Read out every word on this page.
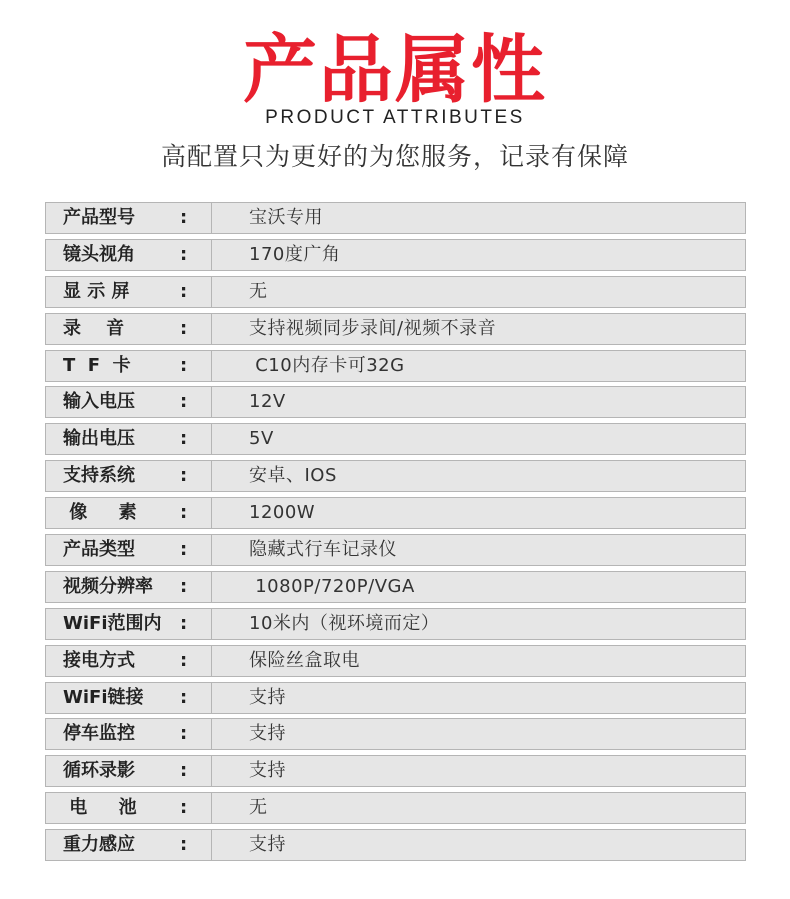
产品属性
PRODUCT ATTRIBUTES
高配置只为更好的为您服务，记录有保障
产品型号	:	宝沃专用
镜头视角	:	170度广角
显 示 屏	:	无
录    音	:	支持视频同步录间/视频不录音
T  F  卡	:	C10内存卡可32G
输入电压	:	12V
输出电压	:	5V
支持系统	:	安卓、IOS
像     素	:	1200W
产品类型	:	隐藏式行车记录仪
视频分辨率	:	1080P/720P/VGA
WiFi范围内	:	10米内（视环境而定）
接电方式	:	保险丝盒取电
WiFi链接	:	支持
停车监控	:	支持
循环录影	:	支持
电     池	:	无
重力感应	:	支持
